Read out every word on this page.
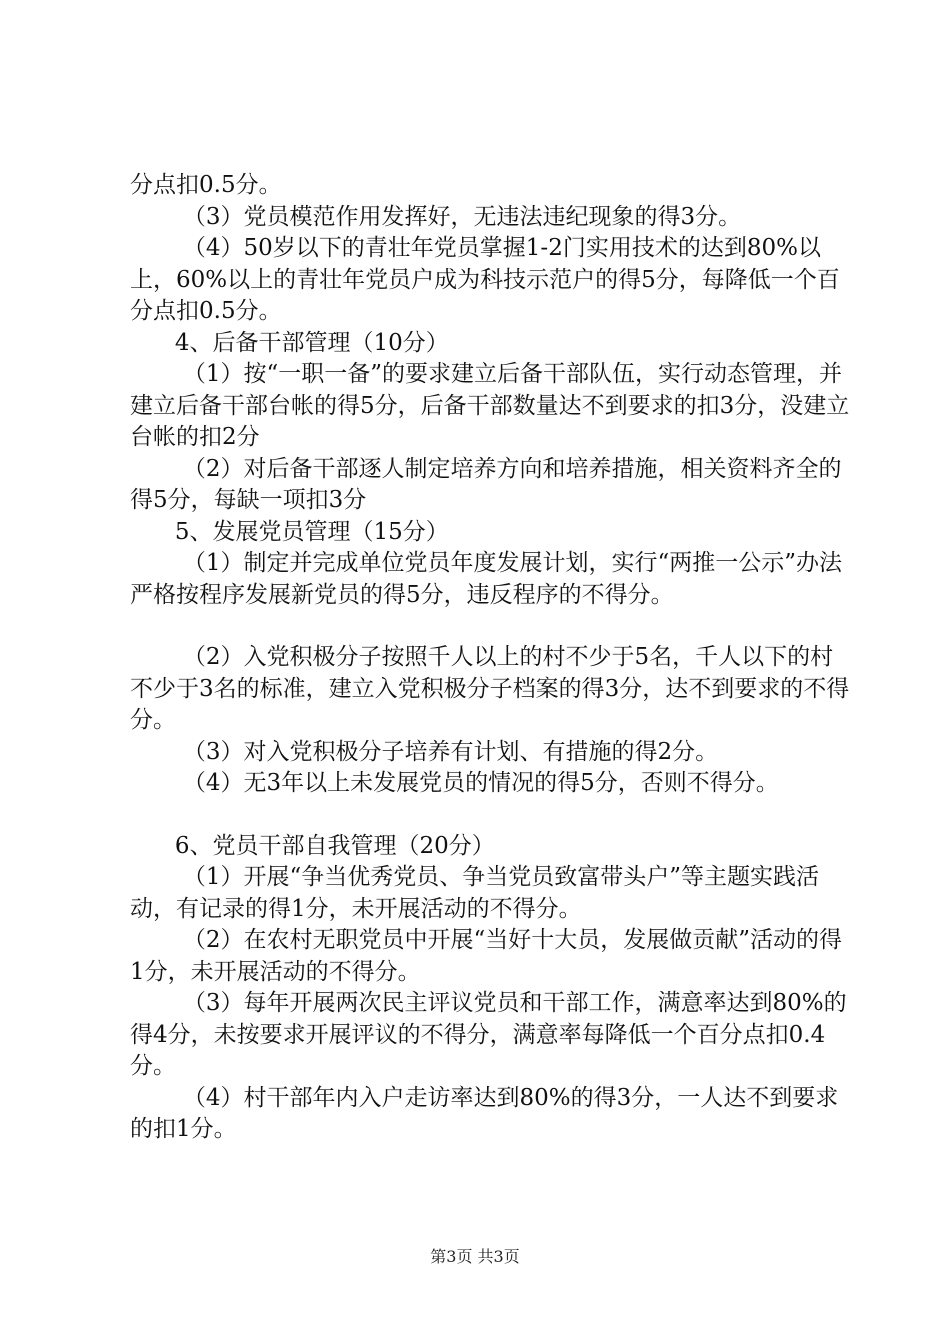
分点扣0.5分。

（3）党员模范作用发挥好，无违法违纪现象的得3分。

（4）50岁以下的青壮年党员掌握1-2门实用技术的达到80%以上，60%以上的青壮年党员户成为科技示范户的得5分，每降低一个百分点扣0.5分。

4、后备干部管理（10分）

（1）按“一职一备”的要求建立后备干部队伍，实行动态管理，并建立后备干部台帐的得5分，后备干部数量达不到要求的扣3分，没建立台帐的扣2分

（2）对后备干部逐人制定培养方向和培养措施，相关资料齐全的得5分，每缺一项扣3分

5、发展党员管理（15分）

（1）制定并完成单位党员年度发展计划，实行“两推一公示”办法严格按程序发展新党员的得5分，违反程序的不得分。

（2）入党积极分子按照千人以上的村不少于5名，千人以下的村不少于3名的标准，建立入党积极分子档案的得3分，达不到要求的不得分。

（3）对入党积极分子培养有计划、有措施的得2分。

（4）无3年以上未发展党员的情况的得5分，否则不得分。

6、党员干部自我管理（20分）

（1）开展“争当优秀党员、争当党员致富带头户”等主题实践活动，有记录的得1分，未开展活动的不得分。

（2）在农村无职党员中开展“当好十大员，发展做贡献”活动的得1分，未开展活动的不得分。

（3）每年开展两次民主评议党员和干部工作，满意率达到80%的得4分，未按要求开展评议的不得分，满意率每降低一个百分点扣0.4分。

（4）村干部年内入户走访率达到80%的得3分，一人达不到要求的扣1分。

第3页 共3页
